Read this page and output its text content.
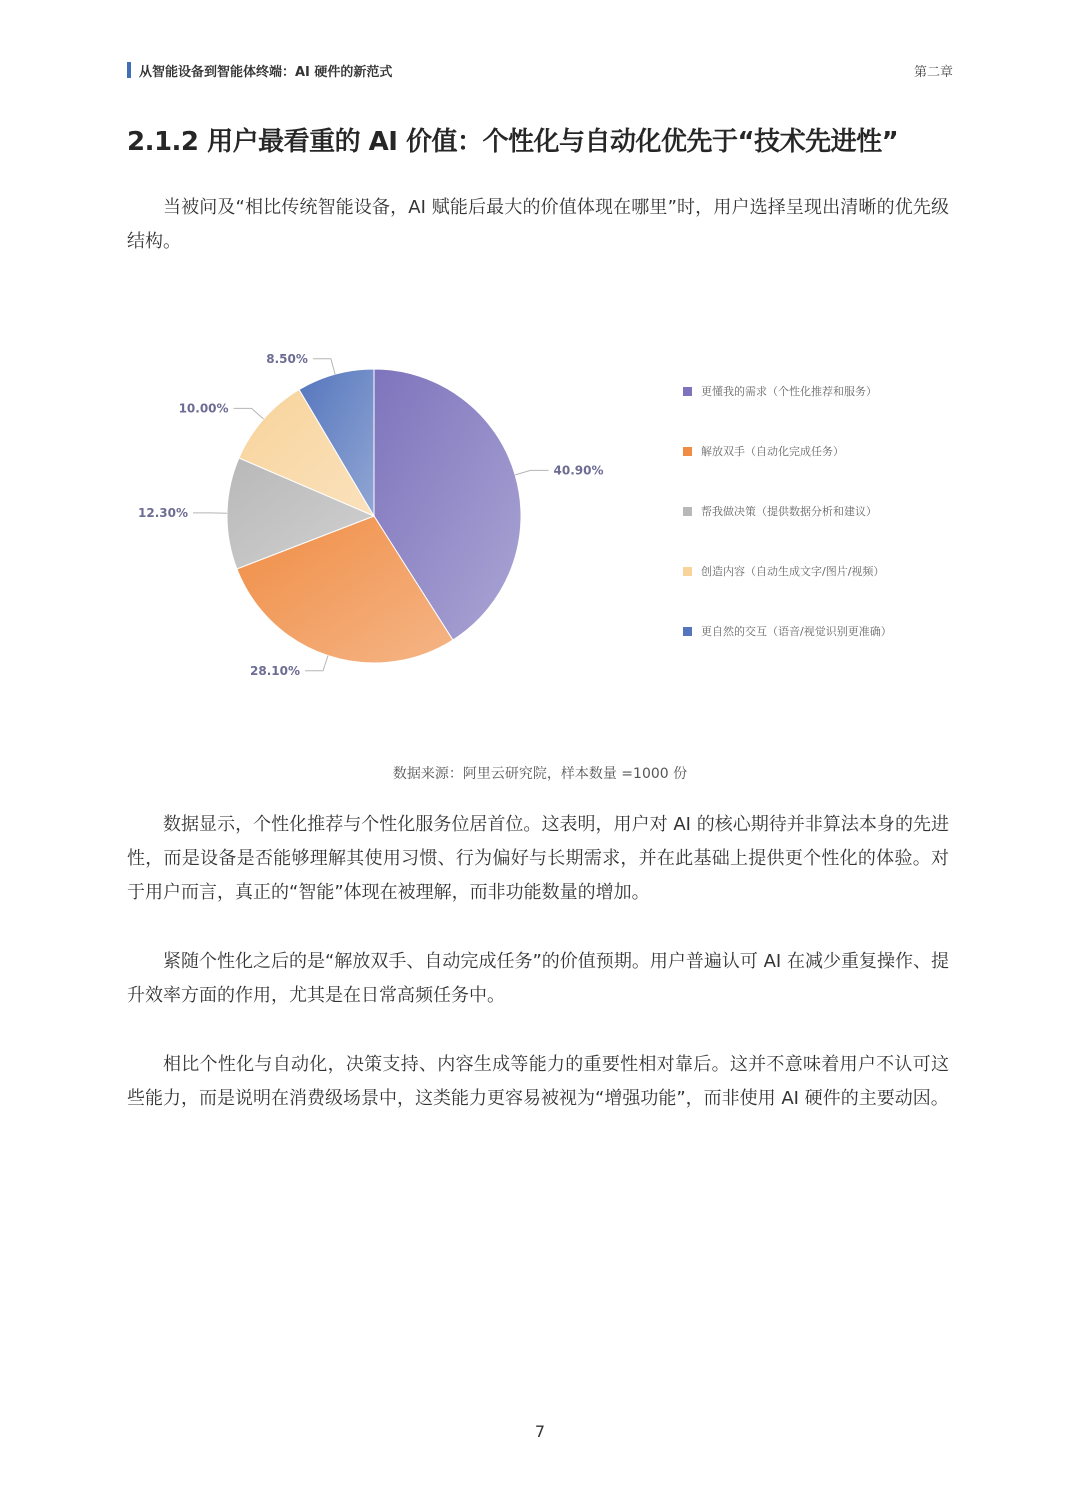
从智能设备到智能体终端：AI 硬件的新范式	第二章
2.1.2 用户最看重的 AI 价值：个性化与自动化优先于“技术先进性”

当被问及“相比传统智能设备，AI 赋能后最大的价值体现在哪里”时，用户选择呈现出清晰的优先级结构。

40.90%
28.10%
12.30%
10.00%
8.50%
更懂我的需求（个性化推荐和服务）
解放双手（自动化完成任务）
帮我做决策（提供数据分析和建议）
创造内容（自动生成文字/图片/视频）
更自然的交互（语音/视觉识别更准确）
数据来源：阿里云研究院，样本数量 =1000 份

数据显示，个性化推荐与个性化服务位居首位。这表明，用户对 AI 的核心期待并非算法本身的先进性，而是设备是否能够理解其使用习惯、行为偏好与长期需求，并在此基础上提供更个性化的体验。对于用户而言，真正的“智能”体现在被理解，而非功能数量的增加。

紧随个性化之后的是“解放双手、自动完成任务”的价值预期。用户普遍认可 AI 在减少重复操作、提升效率方面的作用，尤其是在日常高频任务中。

相比个性化与自动化，决策支持、内容生成等能力的重要性相对靠后。这并不意味着用户不认可这些能力，而是说明在消费级场景中，这类能力更容易被视为“增强功能”，而非使用 AI 硬件的主要动因。

7
